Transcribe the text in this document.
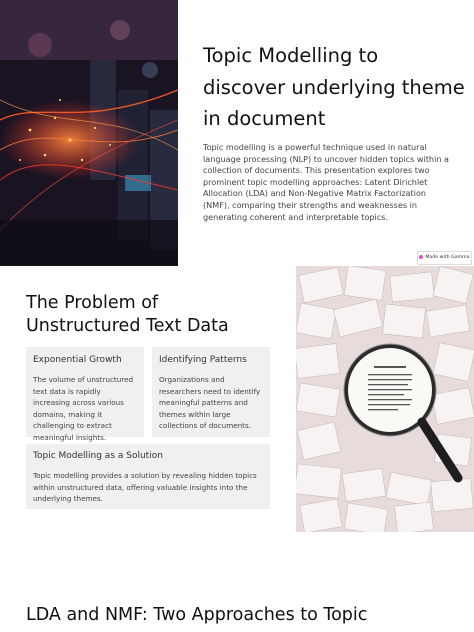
Topic Modelling to discover underlying theme in document

Topic modelling is a powerful technique used in natural language processing (NLP) to uncover hidden topics within a collection of documents. This presentation explores two prominent topic modelling approaches: Latent Dirichlet Allocation (LDA) and Non-Negative Matrix Factorization (NMF), comparing their strengths and weaknesses in generating coherent and interpretable topics.

Made with Gamma
The Problem of Unstructured Text Data
Exponential Growth

The volume of unstructured text data is rapidly increasing across various domains, making it challenging to extract meaningful insights.

Identifying Patterns

Organizations and researchers need to identify meaningful patterns and themes within large collections of documents.

Topic Modelling as a Solution

Topic modelling provides a solution by revealing hidden topics within unstructured data, offering valuable insights into the underlying themes.

LDA and NMF: Two Approaches to Topic
